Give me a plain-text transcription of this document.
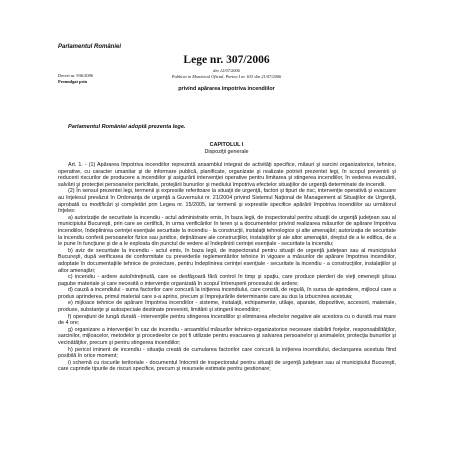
Parlamentul României
Lege nr. 307/2006
Decret nr. 936/2006
Promulgat prin
din 12/07/2006
Publicat in Monitorul Oficial, Partea I nr. 633 din 21/07/2006
privind apărarea împotriva incendiilor
Parlamentul României adoptă prezenta lege.
CAPITOLUL I
Dispoziţii generale

Art. 1. - (1) Apărarea împotriva incendiilor reprezintă ansamblul integrat de activităţi specifice, măsuri şi sarcini organizatorice, tehnice, operative, cu caracter umanitar şi de informare publică, planificate, organizate şi realizate potrivit prezentei legi, în scopul prevenirii şi reducerii riscurilor de producere a incendiilor şi asigurării intervenţiei operative pentru limitarea şi stingerea incendiilor, în vederea evacuării, salvării şi protecţiei persoanelor periclitate, protejării bunurilor şi mediului împotriva efectelor situaţiilor de urgenţă determinate de incendii.

(2) În sensul prezentei legi, termenii şi expresiile referitoare la situaţii de urgenţă, factori şi tipuri de risc, intervenţie operativă şi evacuare au înţelesul prevăzut în Ordonanţa de urgenţă a Guvernului nr. 21/2004 privind Sistemul Naţional de Management al Situaţiilor de Urgenţă, aprobată cu modificări şi completări prin Legea nr. 15/2005, iar termenii şi expresiile specifice apărării împotriva incendiilor au următorul înţeles:

a) autorizaţie de securitate la incendiu - actul administrativ emis, în baza legii, de inspectoratul pentru situaţii de urgenţă judeţean sau al municipiului Bucureşti, prin care se certifică, în urma verificărilor în teren şi a documentelor privind realizarea măsurilor de apărare împotriva incendiilor, îndeplinirea cerinţei esenţiale securitate la incendiu - la construcţii, instalaţii tehnologice şi alte amenajări; autorizaţia de securitate la incendiu conferă persoanelor fizice sau juridice, deţinătoare ale construcţiilor, instalaţiilor şi ale altor amenajări, dreptul de a le edifica, de a le pune în funcţiune şi de a le exploata din punctul de vedere al îndeplinirii cerinţei esenţiale - securitate la incendiu;

b) aviz de securitate la incendiu - actul emis, în baza legii, de inspectoratul pentru situaţii de urgenţă judeţean sau al municipiului Bucureşti, după verificarea de conformitate cu prevederile reglementărilor tehnice în vigoare a măsurilor de apărare împotriva incendiilor, adoptate în documentaţiile tehnice de proiectare, pentru îndeplinirea cerinţei esenţiale - securitate la incendiu - a construcţiilor, instalaţiilor şi altor amenajări;

c) incendiu - ardere autoîntreţinută, care se desfăşoară fără control în timp şi spaţiu, care produce pierderi de vieţi omeneşti şi/sau pagube materiale şi care necesită o intervenţie organizată în scopul întreruperii procesului de ardere;

d) cauză a incendiului - suma factorilor care concură la iniţierea incendiului, care constă, de regulă, în sursa de aprindere, mijlocul care a produs aprinderea, primul material care s-a aprins, precum şi împrejurările determinante care au dus la izbucnirea acestuia;

e) mijloace tehnice de apărare împotriva incendiilor - sisteme, instalaţii, echipamente, utilaje, aparate, dispozitive, accesorii, materiale, produse, substanţe şi autospeciale destinate prevenirii, limitării şi stingerii incendiilor;

f) operaţiuni de lungă durată - intervenţiile pentru stingerea incendiilor şi eliminarea efectelor negative ale acestora cu o durată mai mare de 4 ore;

g) organizare a intervenţiei în caz de incendiu - ansamblul măsurilor tehnico-organizatorice necesare stabilirii forţelor, responsabilităţilor, sarcinilor, mijloacelor, metodelor şi procedeelor ce pot fi utilizate pentru evacuarea şi salvarea persoanelor şi animalelor, protecţia bunurilor şi vecinătăţilor, precum şi pentru stingerea incendiilor;

h) pericol iminent de incendiu - situaţia creată de cumularea factorilor care concură la iniţierea incendiului, declanşarea acestuia fiind posibilă în orice moment;

i) schemă cu riscurile teritoriale - documentul întocmit de inspectoratul pentru situaţii de urgenţă judeţean sau al municipiului Bucureşti, care cuprinde tipurile de riscuri specifice, precum şi resursele estimate pentru gestionare;
